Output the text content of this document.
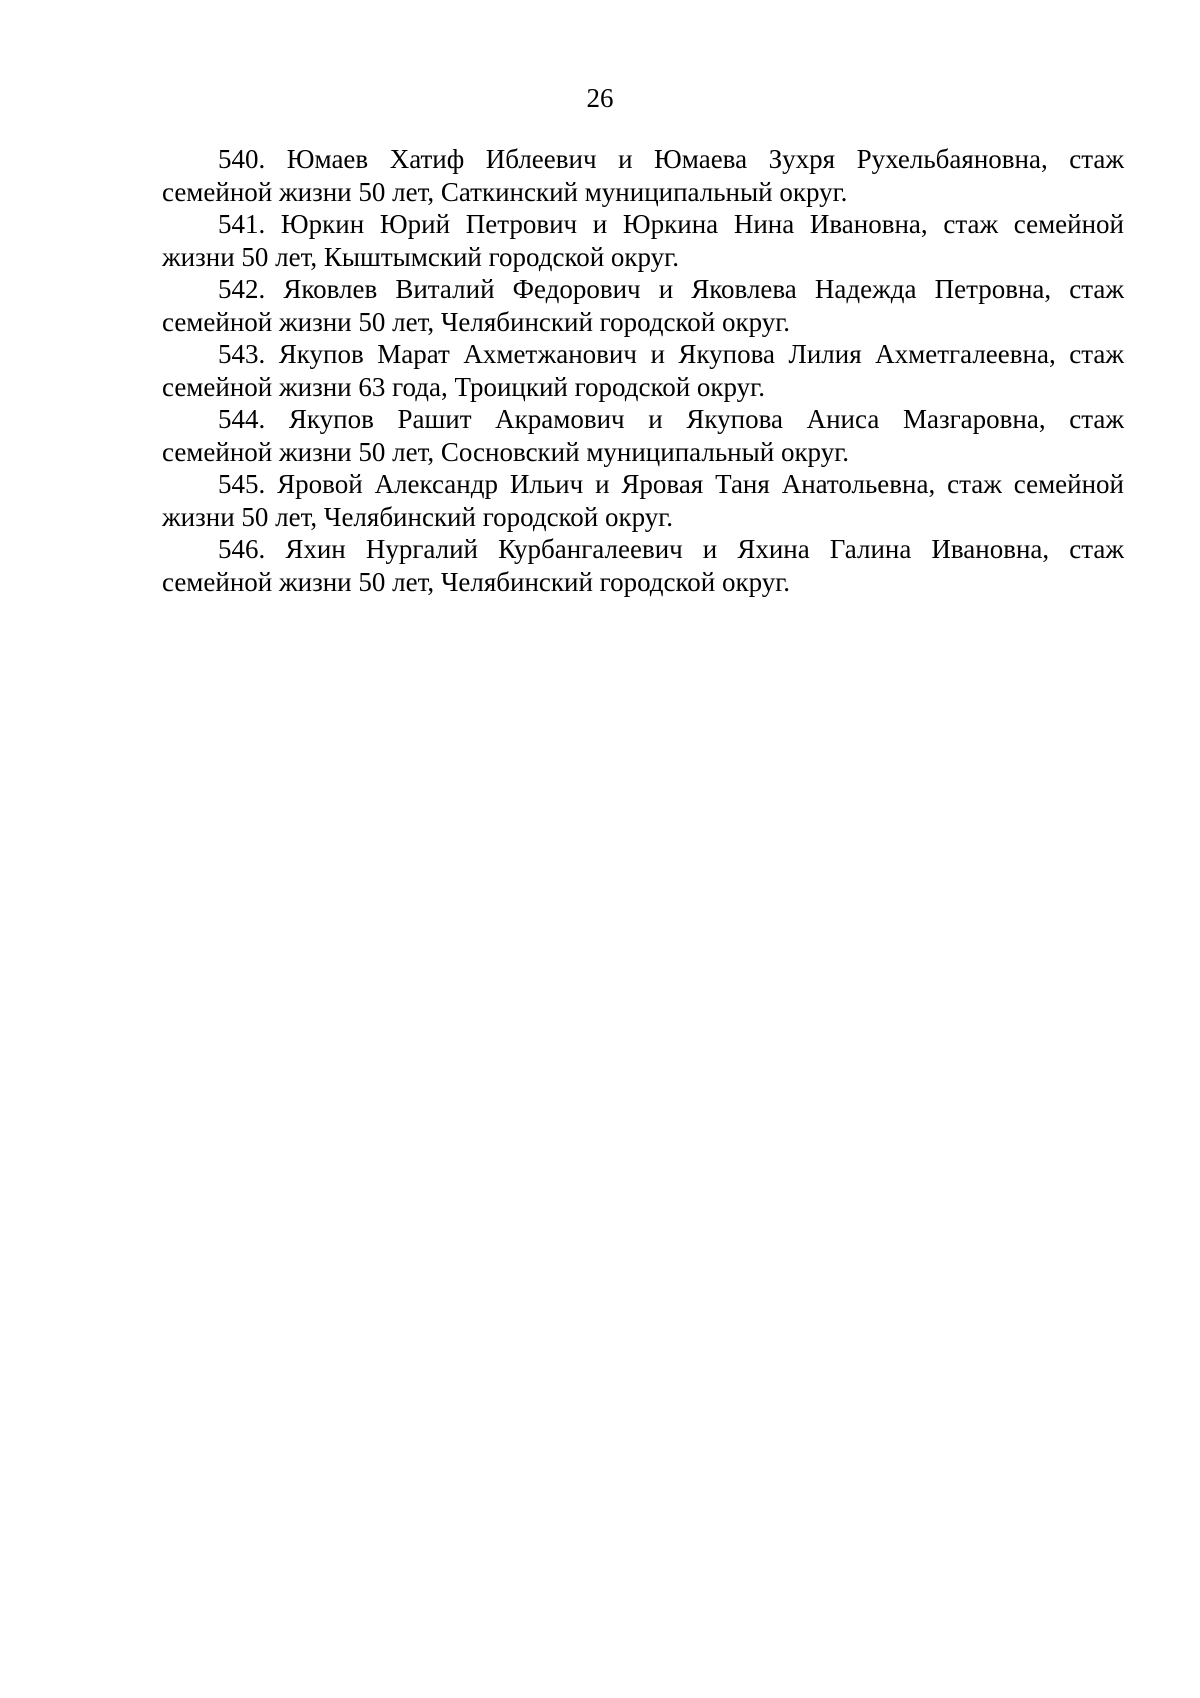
26

540. Юмаев Хатиф Иблеевич и Юмаева Зухря Рухельбаяновна, стаж
семейной жизни 50 лет, Саткинский муниципальный округ.

541. Юркин Юрий Петрович и Юркина Нина Ивановна, стаж семейной
жизни 50 лет, Кыштымский городской округ.

542. Яковлев Виталий Федорович и Яковлева Надежда Петровна, стаж
семейной жизни 50 лет, Челябинский городской округ.

543. Якупов Марат Ахметжанович и Якупова Лилия Ахметгалеевна, стаж
семейной жизни 63 года, Троицкий городской округ.

544. Якупов Рашит Акрамович и Якупова Аниса Мазгаровна, стаж
семейной жизни 50 лет, Сосновский муниципальный округ.

545. Яровой Александр Ильич и Яровая Таня Анатольевна, стаж семейной
жизни 50 лет, Челябинский городской округ.

546. Яхин Нургалий Курбангалеевич и Яхина Галина Ивановна, стаж
семейной жизни 50 лет, Челябинский городской округ.
